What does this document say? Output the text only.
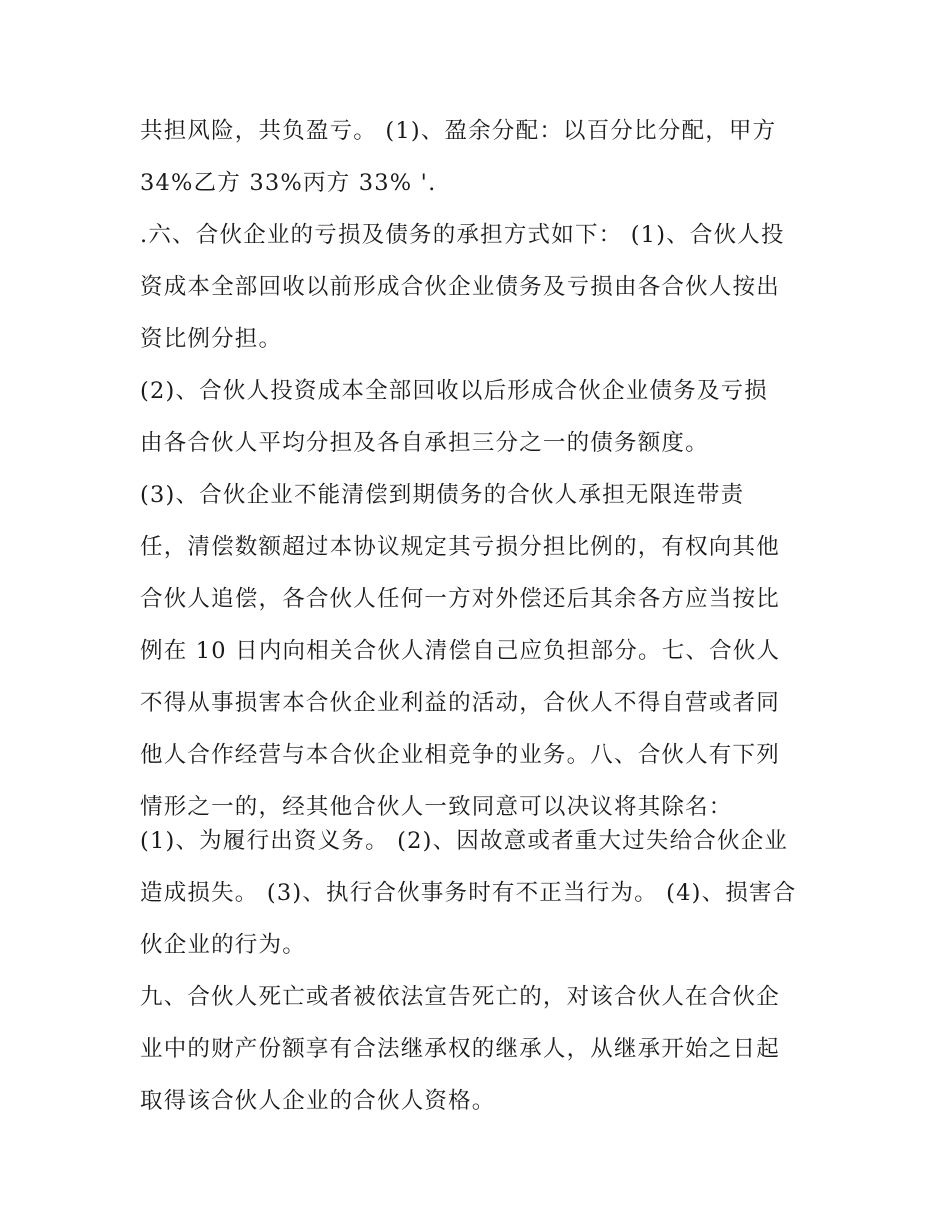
共担风险，共负盈亏。 (1)、盈余分配：以百分比分配，甲方
34%乙方 33%丙方 33% '.
.六、合伙企业的亏损及债务的承担方式如下： (1)、合伙人投
资成本全部回收以前形成合伙企业债务及亏损由各合伙人按出
资比例分担。
(2)、合伙人投资成本全部回收以后形成合伙企业债务及亏损
由各合伙人平均分担及各自承担三分之一的债务额度。
(3)、合伙企业不能清偿到期债务的合伙人承担无限连带责
任，清偿数额超过本协议规定其亏损分担比例的，有权向其他
合伙人追偿，各合伙人任何一方对外偿还后其余各方应当按比
例在 10 日内向相关合伙人清偿自己应负担部分。七、合伙人
不得从事损害本合伙企业利益的活动，合伙人不得自营或者同
他人合作经营与本合伙企业相竞争的业务。八、合伙人有下列
情形之一的，经其他合伙人一致同意可以决议将其除名：
(1)、为履行出资义务。 (2)、因故意或者重大过失给合伙企业
造成损失。 (3)、执行合伙事务时有不正当行为。 (4)、损害合
伙企业的行为。
九、合伙人死亡或者被依法宣告死亡的，对该合伙人在合伙企
业中的财产份额享有合法继承权的继承人，从继承开始之日起
取得该合伙人企业的合伙人资格。
